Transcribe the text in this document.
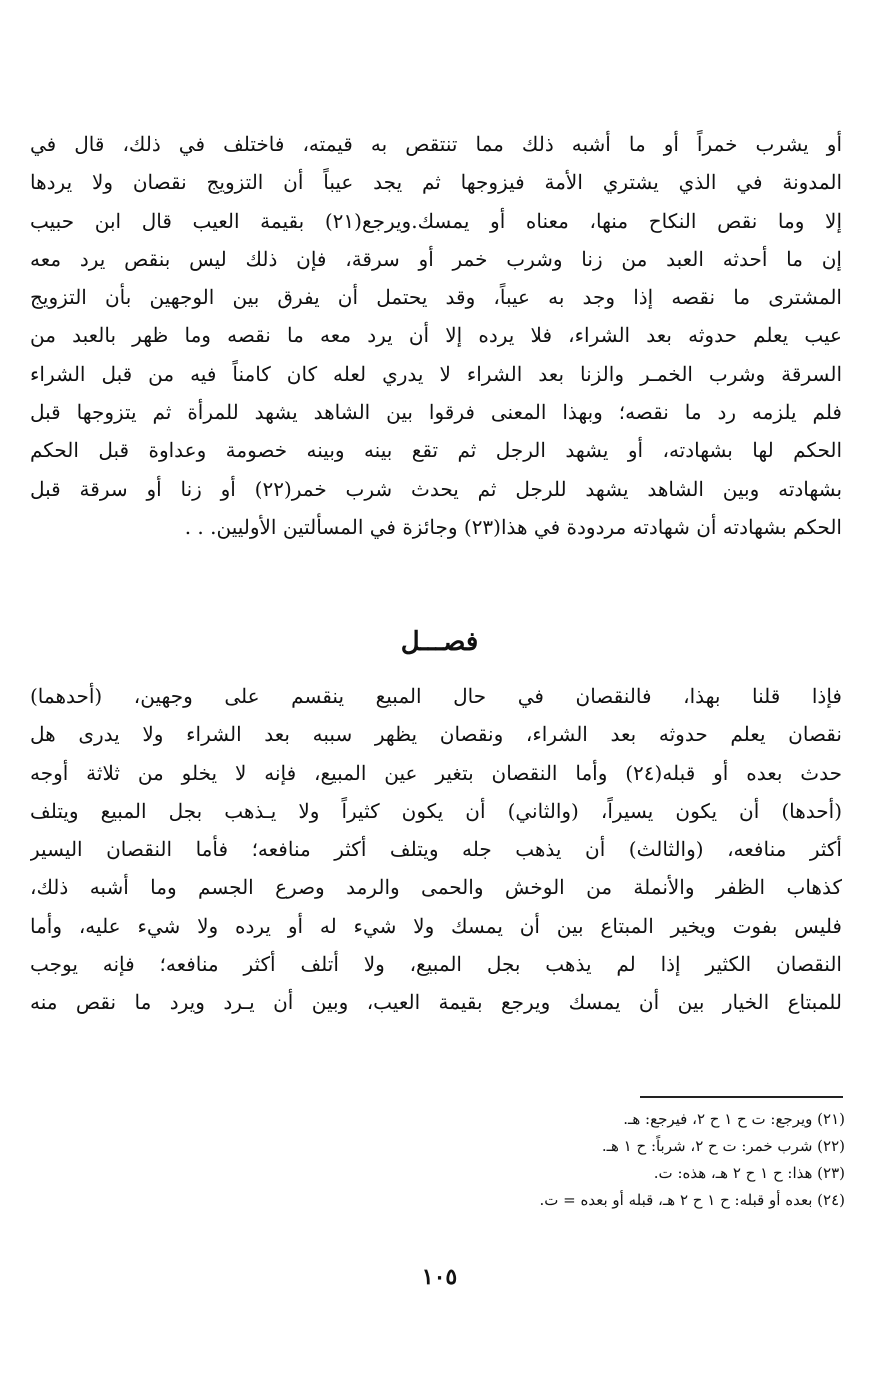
أو يشرب خمراً أو ما أشبه ذلك مما تنتقص به قيمته، فاختلف في ذلك، قال في
المدونة في الذي يشتري الأمة فيزوجها ثم يجد عيباً أن التزويج نقصان ولا يردها
إلا وما نقص النكاح منها، معناه أو يمسك.ويرجع(٢١) بقيمة العيب قال ابن حبيب
إن ما أحدثه العبد من زنا وشرب خمر أو سرقة، فإن ذلك ليس بنقص يرد معه
المشترى ما نقصه إذا وجد به عيباً، وقد يحتمل أن يفرق بين الوجهين بأن التزويج
عيب يعلم حدوثه بعد الشراء، فلا يرده إلا أن يرد معه ما نقصه وما ظهر بالعبد من
السرقة وشرب الخمـر والزنا بعد الشراء لا يدري لعله كان كامناً فيه من قبل الشراء
فلم يلزمه رد ما نقصه؛ وبهذا المعنى فرقوا بين الشاهد يشهد للمرأة ثم يتزوجها قبل
الحكم لها بشهادته، أو يشهد الرجل ثم تقع بينه وبينه خصومة وعداوة قبل الحكم
بشهادته وبين الشاهد يشهد للرجل ثم يحدث شرب خمر(٢٢) أو زنا أو سرقة قبل
الحكم بشهادته أن شهادته مردودة في هذا(٢٣) وجائزة في المسألتين الأوليين. . .
فصـــل
فإذا قلنا بهذا، فالنقصان في حال المبيع ينقسم على وجهين، (أحدهما)
نقصان يعلم حدوثه بعد الشراء، ونقصان يظهر سببه بعد الشراء ولا يدرى هل
حدث بعده أو قبله(٢٤) وأما النقصان بتغير عين المبيع، فإنه لا يخلو من ثلاثة أوجه
(أحدها) أن يكون يسيراً، (والثاني) أن يكون كثيراً ولا يـذهب بجل المبيع ويتلف
أكثر منافعه، (والثالث) أن يذهب جله ويتلف أكثر منافعه؛ فأما النقصان اليسير
كذهاب الظفر والأنملة من الوخش والحمى والرمد وصرع الجسم وما أشبه ذلك،
فليس بفوت ويخير المبتاع بين أن يمسك ولا شيء له أو يرده ولا شيء عليه، وأما
النقصان الكثير إذا لم يذهب بجل المبيع، ولا أتلف أكثر منافعه؛ فإنه يوجب
للمبتاع الخيار بين أن يمسك ويرجع بقيمة العيب، وبين أن يـرد ويرد ما نقص منه
(٢١) ويرجع: ت ح ١ ح ٢، فيرجع: هـ.
(٢٢) شرب خمر: ت ح ٢، شرباً: ح ١ هـ.
(٢٣) هذا: ح ١ ح ٢ هـ، هذه: ت.
(٢٤) بعده أو قبله: ح ١ ح ٢ هـ، قبله أو بعده = ت.
١٠٥
